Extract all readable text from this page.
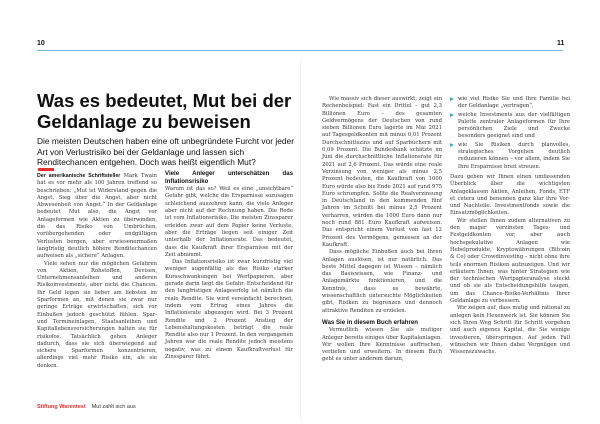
10	11
Was es bedeutet, Mut bei der Geldanlage zu beweisen
Die meisten Deutschen haben eine oft unbegründete Furcht vor jeder Art von Verlustrisiko bei der Geldanlage und lassen sich Renditechancen entgehen. Doch was heißt eigentlich Mut?

Der amerikanische Schriftsteller Mark Twain hat es vor mehr als 100 Jahren treffend so beschrieben: „Mut ist Widerstand gegen die Angst, Sieg über die Angst, aber nicht Abwesenheit von Angst.“ In der Geldanlage bedeutet Mut also, die Angst vor Anlageformen wie Aktien zu überwinden, die das Risiko von Umbrüchen, vorübergehenden oder endgültigen Verlusten bergen, aber erwiesenermaßen langfristig deutlich höhere Renditechancen aufweisen als „sichere“ Anlagen.

Viele sehen nur die möglichen Gefahren von Aktien, Rohstoffen, Devisen, Unternehmensanleihen und anderen Risikoinvestments, aber nicht die Chancen. Ihr Geld legen sie lieber am liebsten im Sparformen an, mit denen sie zwar nur geringe Erträge erwirtschaften, sich vor Einbußen jedoch geschützt fühlen. Spar- und Termineinlagen, Staatsanleihen und Kapitallebensversicherungen halten sie für risikolos. Tatsächlich gehen Anleger dadurch, dass sie sich überwiegend auf sichere Sparformen konzentrieren, allerdings viel mehr Risiko ein, als sie denken.

Viele Anleger unterschätzen das Inflationsrisiko

Warum ist das so? Weil es eine „unsichtbare“ Gefahr gibt, welche die Ersparnisse sozusagen schleichend auszehren kann, die viele Anleger aber nicht auf der Rechnung haben. Die Rede ist vom Inflationsrisiko. Die meisten Zinssparer erleiden zwar auf dem Papier keine Verluste, aber die Erträge liegen seit einiger Zeit unterhalb der Inflationsrate. Das bedeutet, dass die Kaufkraft ihrer Ersparnisse mit der Zeit abnimmt.

Das Inflationsrisiko ist zwar kurzfristig viel weniger augenfällig als das Risiko starker Kursschwankungen bei Wertpapieren, aber gerade darin liegt die Gefahr. Entscheidend für den langfristigen Anlageerfolg ist nämlich die reale Rendite. Sie wird vereinfacht berechnet, indem vom Ertrag eines Jahres die Inflationsrate abgezogen wird. Bei 3 Prozent Rendite und 2 Prozent Anstieg der Lebenshaltungskosten beträgt die reale Rendite also nur 1 Prozent. In den vergangenen Jahren war die reale Rendite jedoch meistens negativ, was zu einem Kaufkraftverlust für Zinssparer führt.

Wie massiv sich dieser auswirkt, zeigt ein Rechenbeispiel: Fast ein Drittel – gut 2,3 Billionen Euro – des gesamten Geldvermögens der Deutschen von rund sieben Billionen Euro lagerte im Mai 2021 auf Tagesgeldkonten mit minus 0,01 Prozent Durchschnittszins und auf Sparbüchern mit 0,09 Prozent. Die Bundesbank schätzte im Juni die durchschnittliche Inflationsrate für 2021 auf 2,6 Prozent. Das würde eine reale Verzinsung von weniger als minus 2,5 Prozent bedeuten, die Kaufkraft von 1000 Euro würde also bis Ende 2021 auf rund 975 Euro schrumpfen. Sollte die Realverzinsung in Deutschland in den kommenden fünf Jahren im Schnitt bei minus 2,5 Prozent verharren, würden die 1000 Euro dann nur noch rund 881 Euro Kaufkraft aufweisen. Das entspricht einem Verlust von fast 12 Prozent des Vermögens, gemessen an der Kaufkraft.

Dass mögliche Einbußen auch bei Ihren Anlagen auslösen, ist nur natürlich. Das beste Mittel dagegen ist Wissen – nämlich das Basiswissen, wie Finanz- und Anlagemärkte funktionieren, und die Kenntnis, dass es bewährte, wissenschaftlich untersuchte Möglichkeiten gibt, Risiken zu begrenzen und dennoch attraktive Renditen zu erzielen.

Was Sie in diesem Buch erfahren

Vermutlich wissen Sie als mutiger Anleger bereits einiges über Kapitalanlagen. Wir wollen Ihre Kenntnisse auffrischen, vertiefen und erweitern. In diesem Buch geht es unter anderem darum,

wie viel Risiko Sie und Ihre Familie bei der Geldanlage „vertragen“,
welche Investments aus der vielfältigen Palette zentraler Anlageformen für Ihre persönlichen Ziele und Zwecke besonders geeignet sind und
wie Sie Risiken durch planvolles, strategisches Vorgehen deutlich reduzieren können – vor allem, indem Sie Ihre Ersparnisse breit streuen.

Dazu geben wir Ihnen einen umfassenden Überblick über die wichtigsten Anlageklassen Aktien, Anleihen, Fonds, ETF et cetera und benennen ganz klar ihre Vor- und Nachteile. Investmentfonds sowie die Einsatzmöglichkeiten.

Wir stellen Ihnen zudem alternativen zu den mager verzinsten Tages- und Festgeldkonten vor, aber auch hochspekulative Anlagen wie Hebelprodukte, Kryptowährungen (Bitcoin & Co) oder Crowdinvesting – nicht ohne ihre teils enormen Risiken aufzuzeigen. Und wir erläutern Ihnen, was hinter Strategien wie der technischen Wertpapieranalyse steckt und ob sie als Entscheidungshilfe taugen, um das Chance-Risiko-Verhältnis Ihrer Geldanlage zu verbessern.

Wir zeigen auf, dass mutig und rational zu anlegen kein Hexenwerk ist. Sie können Sie sich Ihren Weg Schritt für Schritt vorgehen und auch eigenes Kapital, die Sie wenige investieren, überspringen. Auf jeden Fall wünschen wir Ihnen dabei Vergnügen und Wissenszuwachs.

Stiftung Warentest Mut zahlt sich aus
